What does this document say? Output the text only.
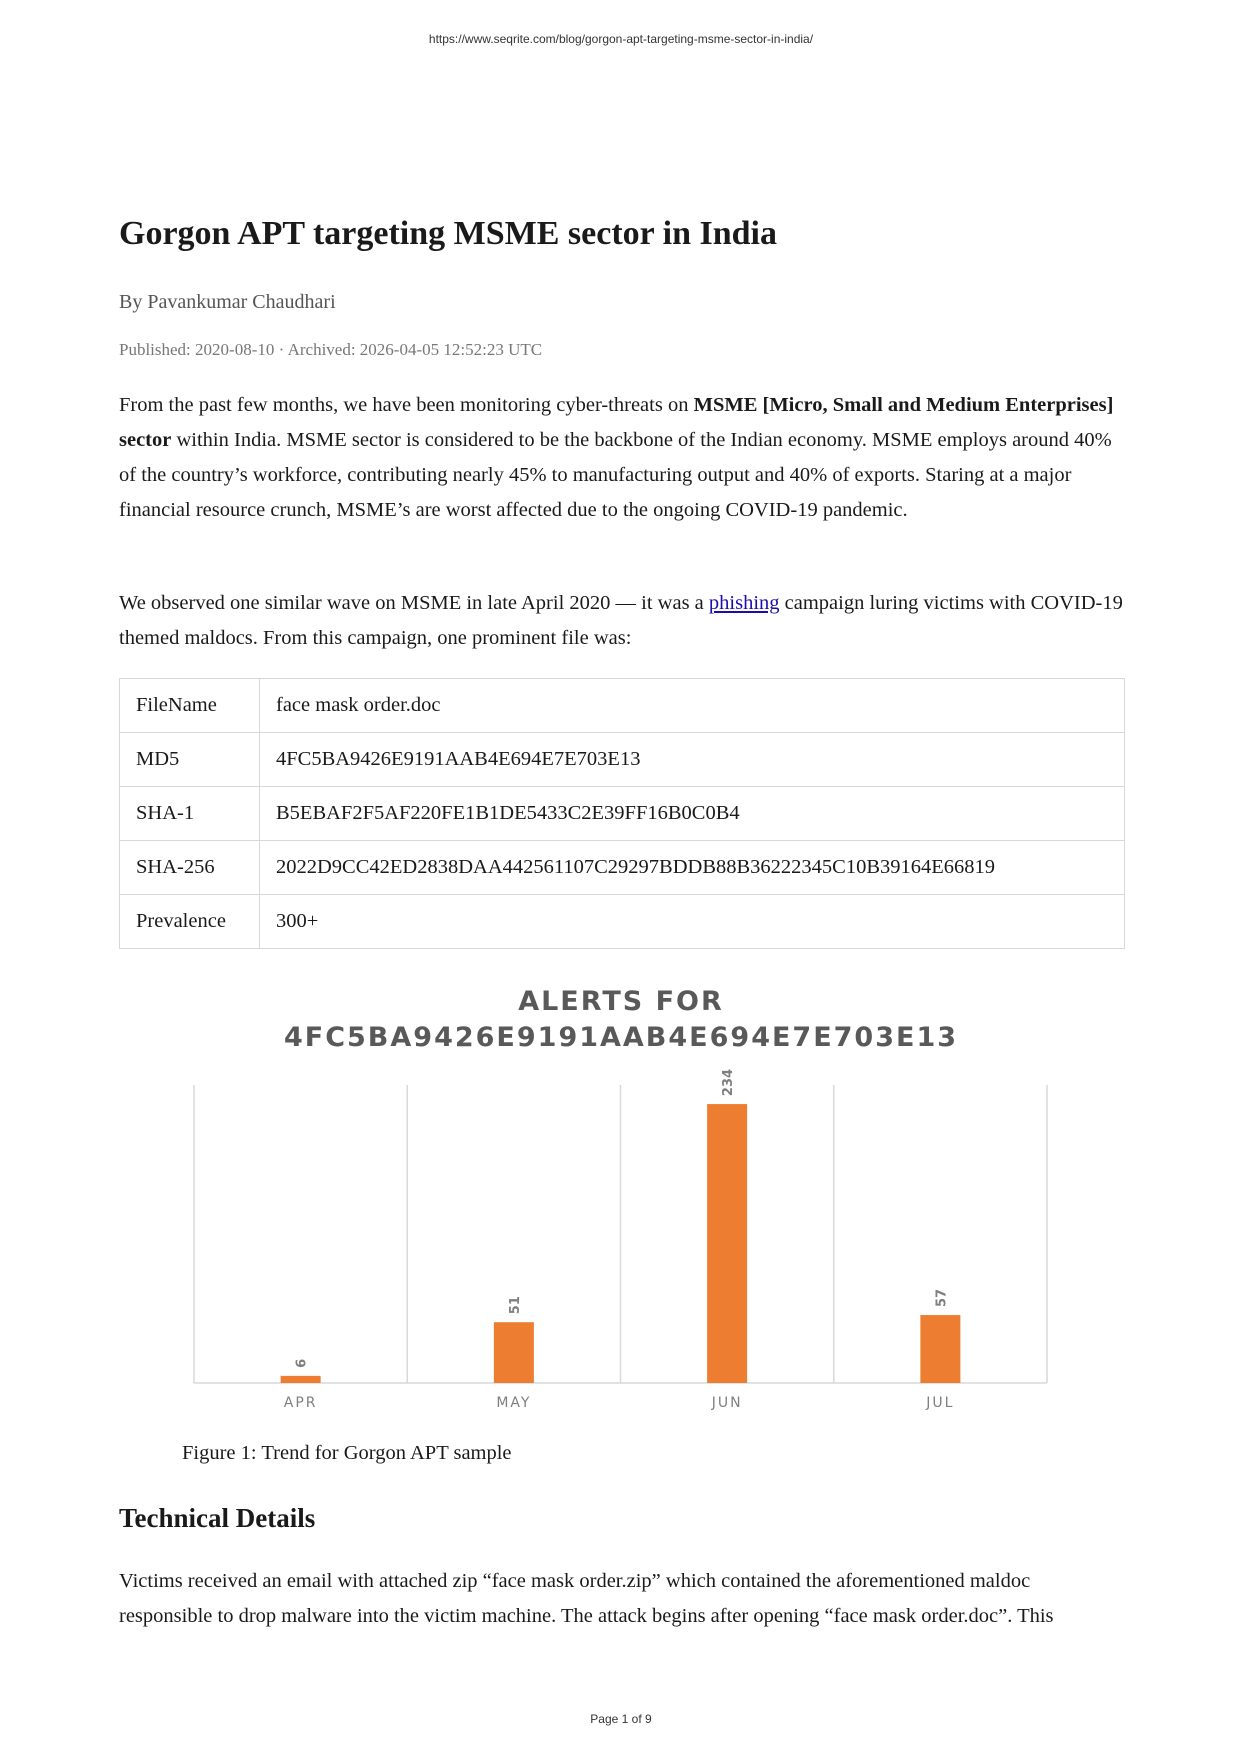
https://www.seqrite.com/blog/gorgon-apt-targeting-msme-sector-in-india/
Gorgon APT targeting MSME sector in India
By Pavankumar Chaudhari
Published: 2020-08-10 · Archived: 2026-04-05 12:52:23 UTC

From the past few months, we have been monitoring cyber-threats on MSME [Micro, Small and Medium Enterprises] sector within India. MSME sector is considered to be the backbone of the Indian economy. MSME employs around 40% of the country’s workforce, contributing nearly 45% to manufacturing output and 40% of exports. Staring at a major financial resource crunch, MSME’s are worst affected due to the ongoing COVID-19 pandemic.

We observed one similar wave on MSME in late April 2020 — it was a phishing campaign luring victims with COVID-19 themed maldocs. From this campaign, one prominent file was:

FileName	face mask order.doc
MD5	4FC5BA9426E9191AAB4E694E7E703E13
SHA-1	B5EBAF2F5AF220FE1B1DE5433C2E39FF16B0C0B4
SHA-256	2022D9CC42ED2838DAA442561107C29297BDDB88B36222345C10B39164E66819
Prevalence	300+
ALERTS FOR
4FC5BA9426E9191AAB4E694E7E703E13
6
51
234
57
APR	MAY	JUN	JUL
Figure 1: Trend for Gorgon APT sample
Technical Details

Victims received an email with attached zip “face mask order.zip” which contained the aforementioned maldoc responsible to drop malware into the victim machine. The attack begins after opening “face mask order.doc”. This

Page 1 of 9
